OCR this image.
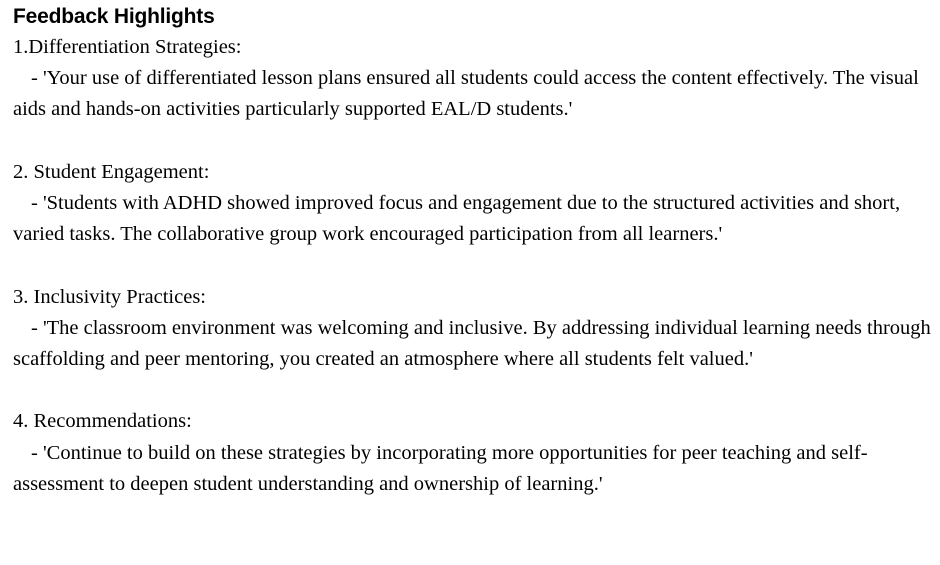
Feedback Highlights
1.Differentiation Strategies:
- 'Your use of differentiated lesson plans ensured all students could access the content effectively. The visual aids and hands-on activities particularly supported EAL/D students.'
2. Student Engagement:
- 'Students with ADHD showed improved focus and engagement due to the structured activities and short, varied tasks. The collaborative group work encouraged participation from all learners.'
3. Inclusivity Practices:
- 'The classroom environment was welcoming and inclusive. By addressing individual learning needs through scaffolding and peer mentoring, you created an atmosphere where all students felt valued.'
4. Recommendations:
- 'Continue to build on these strategies by incorporating more opportunities for peer teaching and self-assessment to deepen student understanding and ownership of learning.'
